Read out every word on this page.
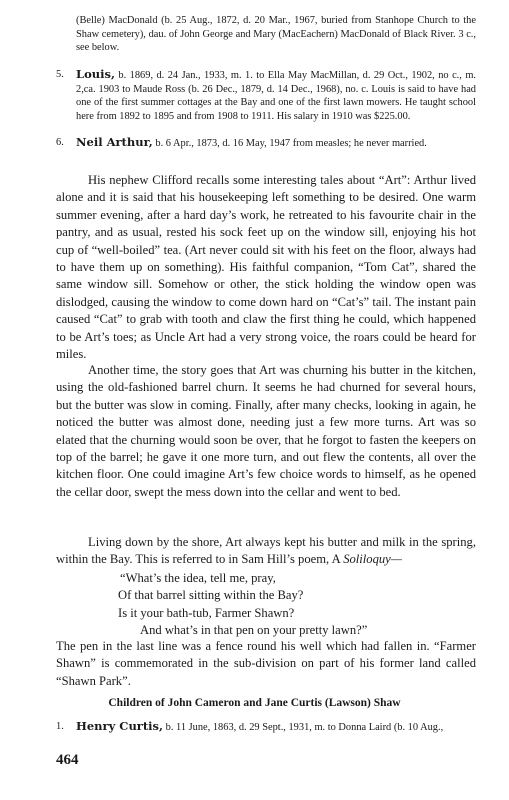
(Belle) MacDonald (b. 25 Aug., 1872, d. 20 Mar., 1967, buried from Stanhope Church to the Shaw cemetery), dau. of John George and Mary (MacEachern) MacDonald of Black River. 3 c., see below.
5.	Louis, b. 1869, d. 24 Jan., 1933, m. 1. to Ella May MacMillan, d. 29 Oct., 1902, no c., m. 2,ca. 1903 to Maude Ross (b. 26 Dec., 1879, d. 14 Dec., 1968), no. c. Louis is said to have had one of the first summer cottages at the Bay and one of the first lawn mowers. He taught school here from 1892 to 1895 and from 1908 to 1911. His salary in 1910 was $225.00.
6.	Neil Arthur, b. 6 Apr., 1873, d. 16 May, 1947 from measles; he never married.

His nephew Clifford recalls some interesting tales about “Art”: Arthur lived alone and it is said that his housekeeping left something to be desired. One warm summer evening, after a hard day’s work, he retreated to his favourite chair in the pantry, and as usual, rested his sock feet up on the window sill, enjoying his hot cup of “well-boiled” tea. (Art never could sit with his feet on the floor, always had to have them up on something). His faithful companion, “Tom Cat”, shared the same window sill. Somehow or other, the stick holding the window open was dislodged, causing the window to come down hard on “Cat’s” tail. The instant pain caused “Cat” to grab with tooth and claw the first thing he could, which happened to be Art’s toes; as Uncle Art had a very strong voice, the roars could be heard for miles.

Another time, the story goes that Art was churning his butter in the kitchen, using the old-fashioned barrel churn. It seems he had churned for several hours, but the butter was slow in coming. Finally, after many checks, looking in again, he noticed the butter was almost done, needing just a few more turns. Art was so elated that the churning would soon be over, that he forgot to fasten the keepers on top of the barrel; he gave it one more turn, and out flew the contents, all over the kitchen floor. One could imagine Art’s few choice words to himself, as he opened the cellar door, swept the mess down into the cellar and went to bed.

Living down by the shore, Art always kept his butter and milk in the spring, within the Bay. This is referred to in Sam Hill’s poem, A Soliloquy—

“What’s the idea, tell me, pray,
Of that barrel sitting within the Bay?
Is it your bath-tub, Farmer Shawn?
And what’s in that pen on your pretty lawn?”

The pen in the last line was a fence round his well which had fallen in. “Farmer Shawn” is commemorated in the sub-division on part of his former land called “Shawn Park”.

Children of John Cameron and Jane Curtis (Lawson) Shaw
1.	Henry Curtis, b. 11 June, 1863, d. 29 Sept., 1931, m. to Donna Laird (b. 10 Aug.,
464
